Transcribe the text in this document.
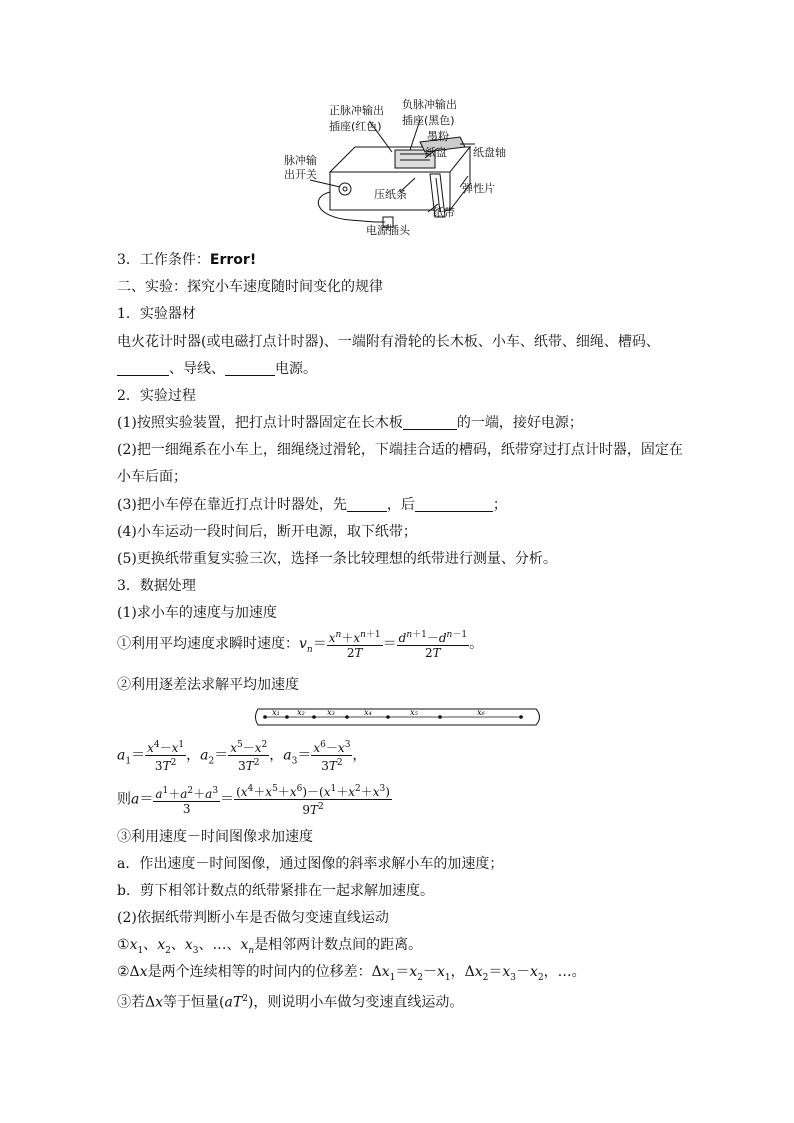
正脉冲输出
插座(红色)
负脉冲输出
插座(黑色)
墨粉
纸盘 纸盘轴
脉冲输
出开关
弹性片
压纸条
纸带
电源插头
3．工作条件：Error!
二、实验：探究小车速度随时间变化的规律
1．实验器材
电火花计时器(或电磁打点计时器)、一端附有滑轮的长木板、小车、纸带、细绳、槽码、
、导线、	电源。
2．实验过程
(1)按照实验装置，把打点计时器固定在长木板	的一端，接好电源；
(2)把一细绳系在小车上，细绳绕过滑轮，下端挂合适的槽码，纸带穿过打点计时器，固定在
小车后面；
(3)把小车停在靠近打点计时器处，先	，后	；
(4)小车运动一段时间后，断开电源，取下纸带；
(5)更换纸带重复实验三次，选择一条比较理想的纸带进行测量、分析。
3．数据处理
(1)求小车的速度与加速度
①利用平均速度求瞬时速度：$v_n= \frac{x^n+x^{n+1}}{2T} = \frac{d^{n+1}-d^{n-1}}{2T}$ 。
②利用逐差法求解平均加速度
x₁ x₂	x₃	x₄	x₅	x₆
$a_1= \frac{x^4-x^1}{3T^2}$ ，$a_2= \frac{x^5-x^2}{3T^2}$ ，$a_3= \frac{x^6-x^3}{3T^2}$ ，
则$a= \frac{a^1+a^2+a^3}{3} = \frac{(x^4+x^5+x^6)-(x^1+x^2+x^3)}{9T^2}$
③利用速度－时间图像求加速度
a．作出速度－时间图像，通过图像的斜率求解小车的加速度；
b．剪下相邻计数点的纸带紧排在一起求解加速度。
(2)依据纸带判断小车是否做匀变速直线运动
$①x_1$、$x_2$、$x_3$、…、$x_n$是相邻两计数点间的距离。
②Δx是两个连续相等的时间内的位移差：$\Delta x_1=x_2-x_1$，$\Delta x_2=x_3-x_2$，…。
③若Δx等于恒量$(aT^2)$，则说明小车做匀变速直线运动。
